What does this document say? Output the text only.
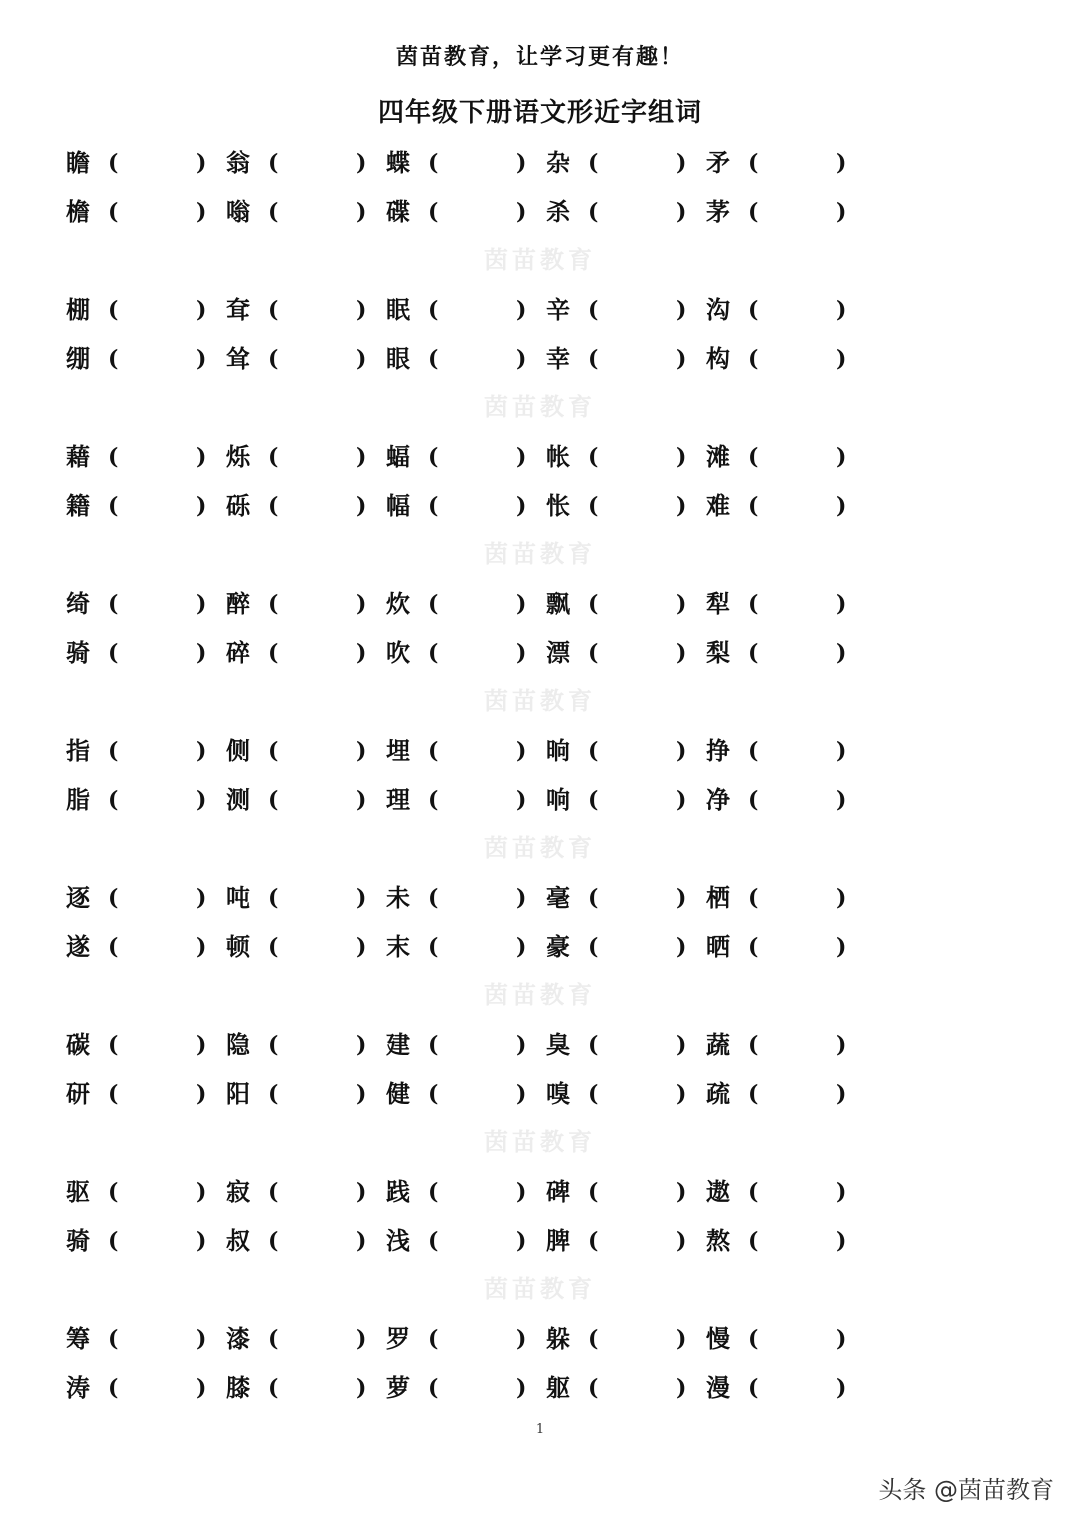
茵苗教育，让学习更有趣！
四年级下册语文形近字组词
瞻 (	) 翁 (	) 蝶 (	) 杂 (	) 矛 (	)
檐 (	) 嗡 (	) 碟 (	) 杀 (	) 茅 (	)
茵苗教育
棚 (	) 耷 (	) 眠 (	) 辛 (	) 沟 (	)
绷 (	) 耸 (	) 眼 (	) 幸 (	) 构 (	)
茵苗教育
藉 (	) 烁 (	) 蝠 (	) 帐 (	) 滩 (	)
籍 (	) 砾 (	) 幅 (	) 怅 (	) 难 (	)
茵苗教育
绮 (	) 醉 (	) 炊 (	) 飘 (	) 犁 (	)
骑 (	) 碎 (	) 吹 (	) 漂 (	) 梨 (	)
茵苗教育
指 (	) 侧 (	) 埋 (	) 晌 (	) 挣 (	)
脂 (	) 测 (	) 理 (	) 响 (	) 净 (	)
茵苗教育
逐 (	) 吨 (	) 未 (	) 毫 (	) 栖 (	)
遂 (	) 顿 (	) 末 (	) 豪 (	) 晒 (	)
茵苗教育
碳 (	) 隐 (	) 建 (	) 臭 (	) 蔬 (	)
研 (	) 阳 (	) 健 (	) 嗅 (	) 疏 (	)
茵苗教育
驱 (	) 寂 (	) 践 (	) 碑 (	) 遨 (	)
骑 (	) 叔 (	) 浅 (	) 脾 (	) 熬 (	)
茵苗教育
筹 (	) 漆 (	) 罗 (	) 躲 (	) 慢 (	)
涛 (	) 膝 (	) 萝 (	) 躯 (	) 漫 (	)
1
头条 @茵苗教育
